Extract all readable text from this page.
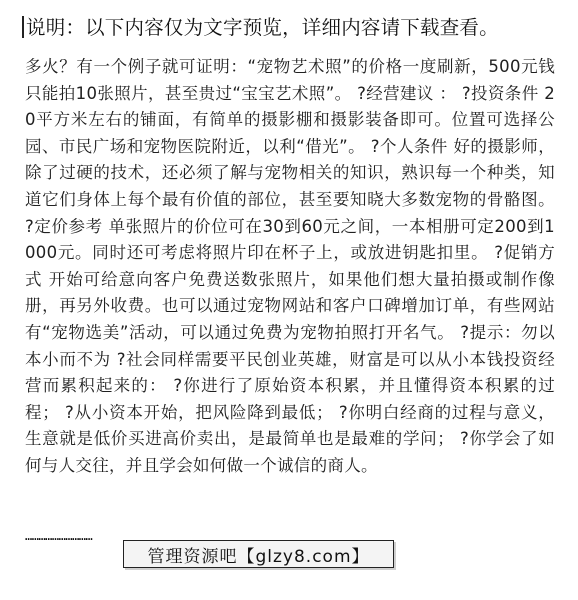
说明：以下内容仅为文字预览，详细内容请下载查看。
多火？有一个例子就可证明：“宠物艺术照”的价格一度刷新，500元钱只能拍10张照片，甚至贵过“宝宝艺术照”。 ?经营建议 ： ?投资条件 20平方米左右的铺面，有简单的摄影棚和摄影装备即可。位置可选择公园、市民广场和宠物医院附近，以利“借光”。 ?个人条件 好的摄影师，除了过硬的技术，还必须了解与宠物相关的知识，熟识每一个种类，知道它们身体上每个最有价值的部位，甚至要知晓大多数宠物的骨骼图。 ?定价参考 单张照片的价位可在30到60元之间，一本相册可定200到1000元。同时还可考虑将照片印在杯子上，或放进钥匙扣里。 ?促销方式 开始可给意向客户免费送数张照片，如果他们想大量拍摄或制作像册，再另外收费。也可以通过宠物网站和客户口碑增加订单，有些网站有“宠物选美”活动，可以通过免费为宠物拍照打开名气。 ?提示：勿以本小而不为 ?社会同样需要平民创业英雄，财富是可以从小本钱投资经营而累积起来的： ?你进行了原始资本积累，并且懂得资本积累的过程； ?从小资本开始，把风险降到最低； ?你明白经商的过程与意义，生意就是低价买进高价卖出，是最简单也是最难的学问； ?你学会了如何与人交往，并且学会如何做一个诚信的商人。
…………………………
管理资源吧【glzy8.com】
